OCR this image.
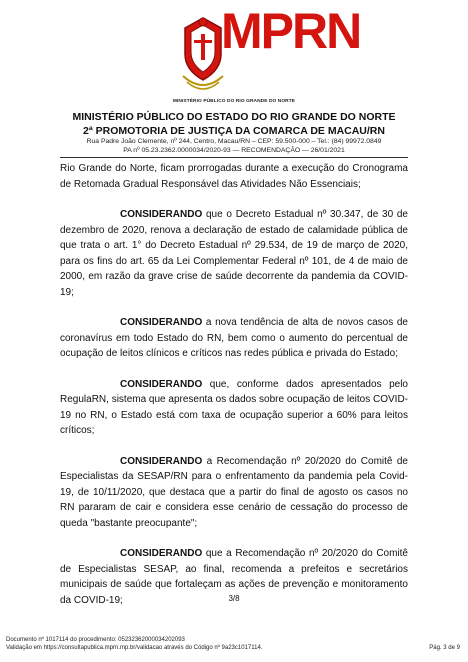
MPRN
MINISTÉRIO PÚBLICO DO RIO GRANDE DO NORTE
MINISTÉRIO PÚBLICO DO ESTADO DO RIO GRANDE DO NORTE
2ª PROMOTORIA DE JUSTIÇA DA COMARCA DE MACAU/RN
Rua Padre João Clemente, nº 244, Centro, Macau/RN – CEP: 59.500-000 – Tel.: (84) 99972.0849
PA nº 05.23.2362.0000034/2020-93 — RECOMENDAÇÃO — 26/01/2021

Rio Grande do Norte, ficam prorrogadas durante a execução do Cronograma de Retomada Gradual Responsável das Atividades Não Essenciais;

CONSIDERANDO que o Decreto Estadual nº 30.347, de 30 de dezembro de 2020, renova a declaração de estado de calamidade pública de que trata o art. 1° do Decreto Estadual nº 29.534, de 19 de março de 2020, para os fins do art. 65 da Lei Complementar Federal nº 101, de 4 de maio de 2000, em razão da grave crise de saúde decorrente da pandemia da COVID-19;

CONSIDERANDO a nova tendência de alta de novos casos de coronavírus em todo Estado do RN, bem como o aumento do percentual de ocupação de leitos clínicos e críticos nas redes pública e privada do Estado;

CONSIDERANDO que, conforme dados apresentados pelo RegulaRN, sistema que apresenta os dados sobre ocupação de leitos COVID-19 no RN, o Estado está com taxa de ocupação superior a 60% para leitos críticos;

CONSIDERANDO a Recomendação nº 20/2020 do Comitê de Especialistas da SESAP/RN para o enfrentamento da pandemia pela Covid-19, de 10/11/2020, que destaca que a partir do final de agosto os casos no RN pararam de cair e considera esse cenário de cessação do processo de queda "bastante preocupante";

CONSIDERANDO que a Recomendação nº 20/2020 do Comitê de Especialistas SESAP, ao final, recomenda a prefeitos e secretários municipais de saúde que fortaleçam as ações de prevenção e monitoramento da COVID-19;	3/8
Documento nº 1017114 do procedimento: 05232362000034202093
Validação em https://consultapublica.mprn.mp.br/validacao através do Código nº 9a23c1017114.	Pág. 3 de 9
